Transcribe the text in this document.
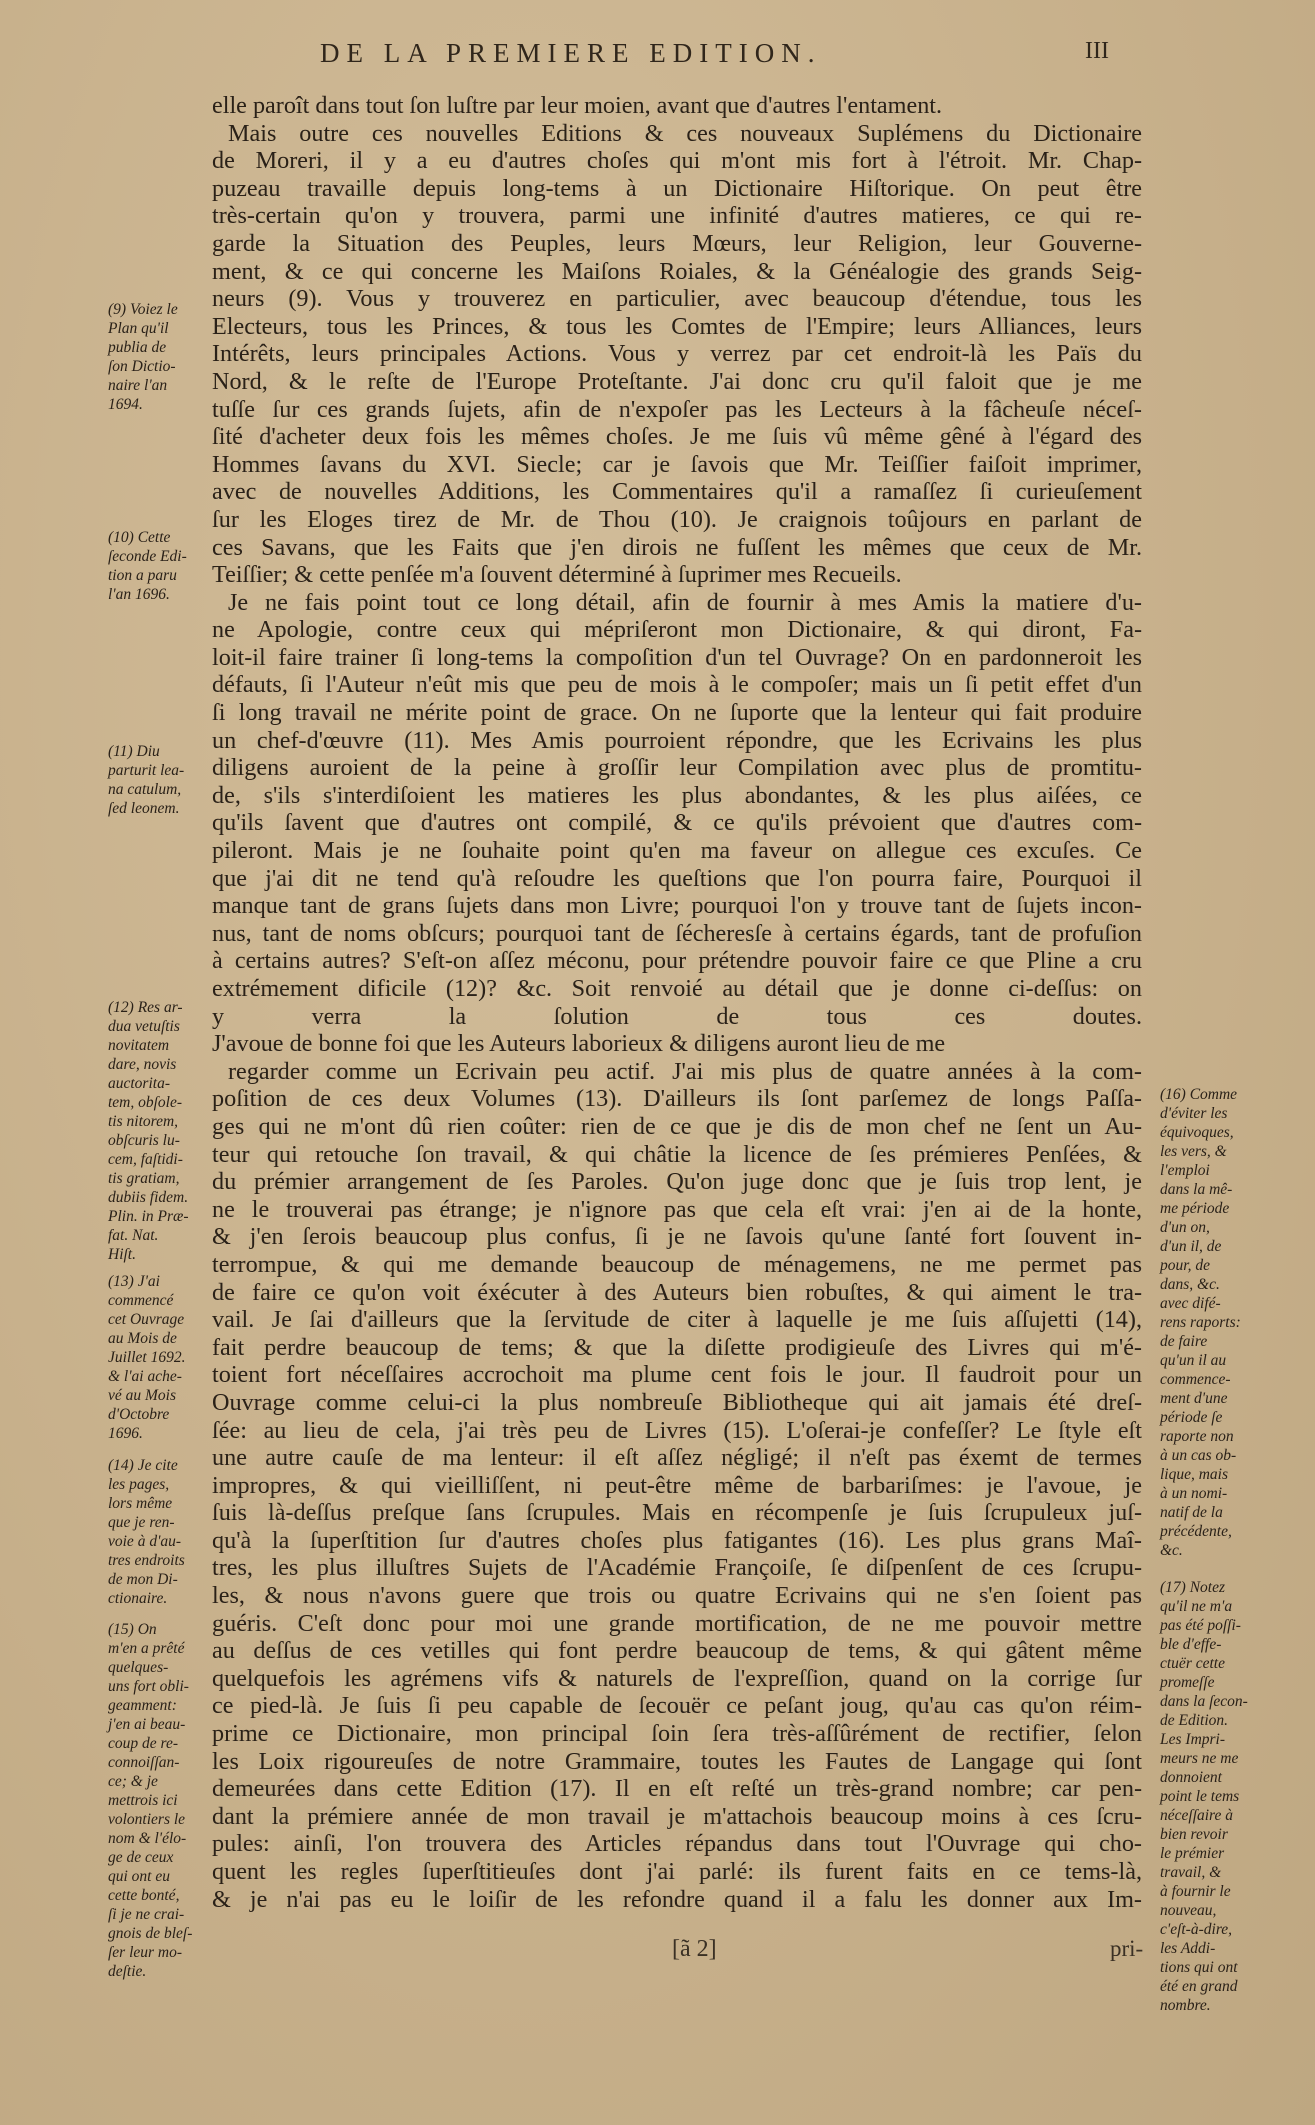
DE LA PREMIERE EDITION.	III
elle paroît dans tout ſon luſtre par leur moien, avant que d'autres l'entament.
Mais outre ces nouvelles Editions & ces nouveaux Suplémens du Dictionaire
de Moreri, il y a eu d'autres choſes qui m'ont mis fort à l'étroit. Mr. Chap-
puzeau travaille depuis long-tems à un Dictionaire Hiſtorique. On peut être
très-certain qu'on y trouvera, parmi une infinité d'autres matieres, ce qui re-
garde la Situation des Peuples, leurs Mœurs, leur Religion, leur Gouverne-
ment, & ce qui concerne les Maiſons Roiales, & la Généalogie des grands Seig-
neurs (9). Vous y trouverez en particulier, avec beaucoup d'étendue, tous les
Electeurs, tous les Princes, & tous les Comtes de l'Empire; leurs Alliances, leurs
Intérêts, leurs principales Actions. Vous y verrez par cet endroit-là les Païs du
Nord, & le reſte de l'Europe Proteſtante. J'ai donc cru qu'il faloit que je me
tuſſe ſur ces grands ſujets, afin de n'expoſer pas les Lecteurs à la fâcheuſe néceſ-
ſité d'acheter deux fois les mêmes choſes. Je me ſuis vû même gêné à l'égard des
Hommes ſavans du XVI. Siecle; car je ſavois que Mr. Teiſſier faiſoit imprimer,
avec de nouvelles Additions, les Commentaires qu'il a ramaſſez ſi curieuſement
ſur les Eloges tirez de Mr. de Thou (10). Je craignois toûjours en parlant de
ces Savans, que les Faits que j'en dirois ne fuſſent les mêmes que ceux de Mr.
Teiſſier; & cette penſée m'a ſouvent déterminé à ſuprimer mes Recueils.
Je ne fais point tout ce long détail, afin de fournir à mes Amis la matiere d'u-
ne Apologie, contre ceux qui mépriſeront mon Dictionaire, & qui diront, Fa-
loit-il faire trainer ſi long-tems la compoſition d'un tel Ouvrage? On en pardonneroit les
défauts, ſi l'Auteur n'eût mis que peu de mois à le compoſer; mais un ſi petit effet d'un
ſi long travail ne mérite point de grace. On ne ſuporte que la lenteur qui fait produire
un chef-d'œuvre (11). Mes Amis pourroient répondre, que les Ecrivains les plus
diligens auroient de la peine à groſſir leur Compilation avec plus de promtitu-
de, s'ils s'interdiſoient les matieres les plus abondantes, & les plus aiſées, ce
qu'ils ſavent que d'autres ont compilé, & ce qu'ils prévoient que d'autres com-
pileront. Mais je ne ſouhaite point qu'en ma faveur on allegue ces excuſes. Ce
que j'ai dit ne tend qu'à reſoudre les queſtions que l'on pourra faire, Pourquoi il
manque tant de grans ſujets dans mon Livre; pourquoi l'on y trouve tant de ſujets incon-
nus, tant de noms obſcurs; pourquoi tant de ſécheresſe à certains égards, tant de profuſion
à certains autres? S'eſt-on aſſez méconu, pour prétendre pouvoir faire ce que Pline a cru
extrémement dificile (12)? &c. Soit renvoié au détail que je donne ci-deſſus: on
y verra la ſolution de tous ces doutes.
J'avoue de bonne foi que les Auteurs laborieux & diligens auront lieu de me
regarder comme un Ecrivain peu actif. J'ai mis plus de quatre années à la com-
poſition de ces deux Volumes (13). D'ailleurs ils ſont parſemez de longs Paſſa-
ges qui ne m'ont dû rien coûter: rien de ce que je dis de mon chef ne ſent un Au-
teur qui retouche ſon travail, & qui châtie la licence de ſes prémieres Penſées, &
du prémier arrangement de ſes Paroles. Qu'on juge donc que je ſuis trop lent, je
ne le trouverai pas étrange; je n'ignore pas que cela eſt vrai: j'en ai de la honte,
& j'en ſerois beaucoup plus confus, ſi je ne ſavois qu'une ſanté fort ſouvent in-
terrompue, & qui me demande beaucoup de ménagemens, ne me permet pas
de faire ce qu'on voit éxécuter à des Auteurs bien robuſtes, & qui aiment le tra-
vail. Je ſai d'ailleurs que la ſervitude de citer à laquelle je me ſuis aſſujetti (14),
fait perdre beaucoup de tems; & que la diſette prodigieuſe des Livres qui m'é-
toient fort néceſſaires accrochoit ma plume cent fois le jour. Il faudroit pour un
Ouvrage comme celui-ci la plus nombreuſe Bibliotheque qui ait jamais été dreſ-
ſée: au lieu de cela, j'ai très peu de Livres (15). L'oſerai-je confeſſer? Le ſtyle eſt
une autre cauſe de ma lenteur: il eſt aſſez négligé; il n'eſt pas éxemt de termes
impropres, & qui vieilliſſent, ni peut-être même de barbariſmes: je l'avoue, je
ſuis là-deſſus preſque ſans ſcrupules. Mais en récompenſe je ſuis ſcrupuleux juſ-
qu'à la ſuperſtition ſur d'autres choſes plus fatigantes (16). Les plus grans Maî-
tres, les plus illuſtres Sujets de l'Académie Françoiſe, ſe diſpenſent de ces ſcrupu-
les, & nous n'avons guere que trois ou quatre Ecrivains qui ne s'en ſoient pas
guéris. C'eſt donc pour moi une grande mortification, de ne me pouvoir mettre
au deſſus de ces vetilles qui font perdre beaucoup de tems, & qui gâtent même
quelquefois les agrémens vifs & naturels de l'expreſſion, quand on la corrige ſur
ce pied-là. Je ſuis ſi peu capable de ſecouër ce peſant joug, qu'au cas qu'on réim-
prime ce Dictionaire, mon principal ſoin ſera très-aſſûrément de rectifier, ſelon
les Loix rigoureuſes de notre Grammaire, toutes les Fautes de Langage qui ſont
demeurées dans cette Edition (17). Il en eſt reſté un très-grand nombre; car pen-
dant la prémiere année de mon travail je m'attachois beaucoup moins à ces ſcru-
pules: ainſi, l'on trouvera des Articles répandus dans tout l'Ouvrage qui cho-
quent les regles ſuperſtitieuſes dont j'ai parlé: ils furent faits en ce tems-là,
& je n'ai pas eu le loiſir de les refondre quand il a falu les donner aux Im-
(9) Voiez le
Plan qu'il
publia de
ſon Dictio-
naire l'an
1694.
(10) Cette
ſeconde Edi-
tion a paru
l'an 1696.
(11) Diu
parturit lea-
na catulum,
ſed leonem.
(12) Res ar-
dua vetuſtis
novitatem
dare, novis
auctorita-
tem, obſole-
tis nitorem,
obſcuris lu-
cem, faſtidi-
tis gratiam,
dubiis fidem.
Plin. in Præ-
fat. Nat.
Hiſt.
(13) J'ai
commencé
cet Ouvrage
au Mois de
Juillet 1692.
& l'ai ache-
vé au Mois
d'Octobre
1696.
(14) Je cite
les pages,
lors même
que je ren-
voie à d'au-
tres endroits
de mon Di-
ctionaire.
(15) On
m'en a prêté
quelques-
uns fort obli-
geamment:
j'en ai beau-
coup de re-
connoiſſan-
ce; & je
mettrois ici
volontiers le
nom & l'élo-
ge de ceux
qui ont eu
cette bonté,
ſi je ne crai-
gnois de bleſ-
ſer leur mo-
deſtie.
(16) Comme
d'éviter les
équivoques,
les vers, &
l'emploi
dans la mê-
me période
d'un on,
d'un il, de
pour, de
dans, &c.
avec difé-
rens raports:
de faire
qu'un il au
commence-
ment d'une
période ſe
raporte non
à un cas ob-
lique, mais
à un nomi-
natif de la
précédente,
&c.
(17) Notez
qu'il ne m'a
pas été poſſi-
ble d'effe-
ctuër cette
promeſſe
dans la ſecon-
de Edition.
Les Impri-
meurs ne me
donnoient
point le tems
néceſſaire à
bien revoir
le prémier
travail, &
à fournir le
nouveau,
c'eſt-à-dire,
les Addi-
tions qui ont
été en grand
nombre.
[ã 2]	pri-
